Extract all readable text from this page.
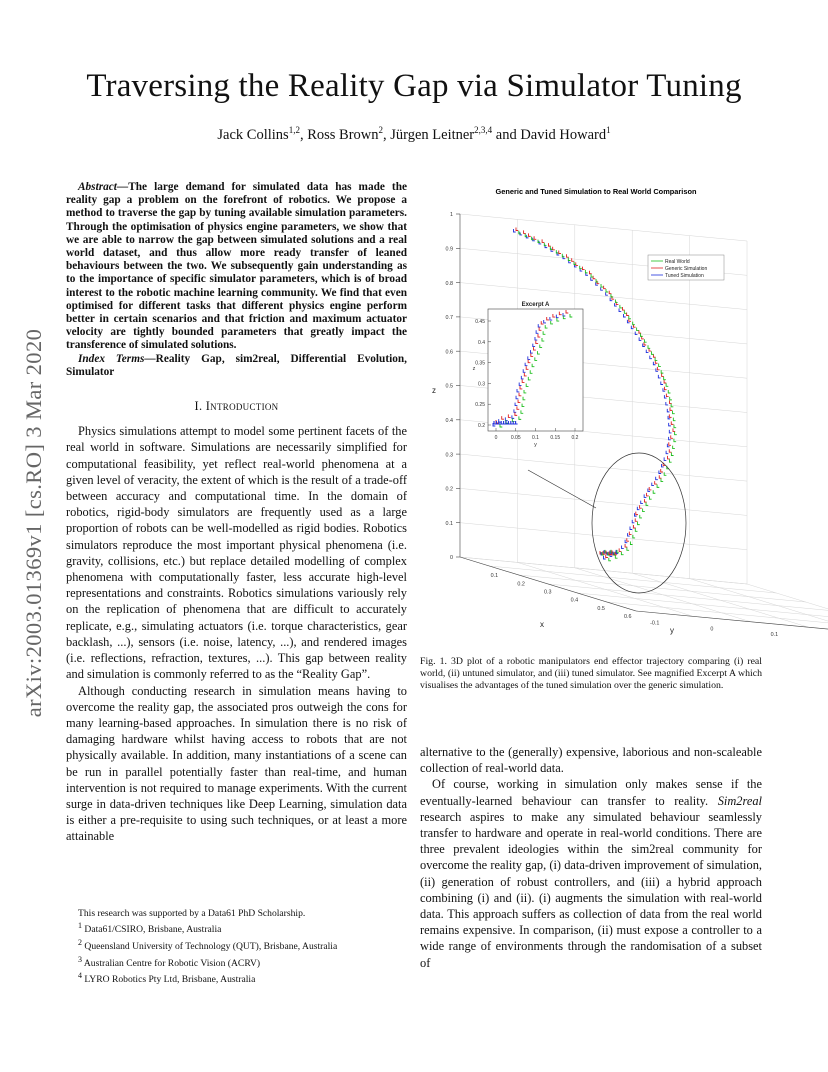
Traversing the Reality Gap via Simulator Tuning
Jack Collins$^{1,2}$, Ross Brown$^2$, Jürgen Leitner$^{2,3,4}$ and David Howard$^1$
arXiv:2003.01369v1 [cs.RO] 3 Mar 2020

Abstract—The large demand for simulated data has made the reality gap a problem on the forefront of robotics. We propose a method to traverse the gap by tuning available simulation parameters. Through the optimisation of physics engine parameters, we show that we are able to narrow the gap between simulated solutions and a real world dataset, and thus allow more ready transfer of leaned behaviours between the two. We subsequently gain understanding as to the importance of specific simulator parameters, which is of broad interest to the robotic machine learning community. We find that even optimised for different tasks that different physics engine perform better in certain scenarios and that friction and maximum actuator velocity are tightly bounded parameters that greatly impact the transference of simulated solutions.

Index Terms—Reality Gap, sim2real, Differential Evolution, Simulator

I. Introduction

Physics simulations attempt to model some pertinent facets of the real world in software. Simulations are necessarily simplified for computational feasibility, yet reflect real-world phenomena at a given level of veracity, the extent of which is the result of a trade-off between accuracy and computational time. In the domain of robotics, rigid-body simulators are frequently used as a large proportion of robots can be well-modelled as rigid bodies. Robotics simulators reproduce the most important physical phenomena (i.e. gravity, collisions, etc.) but replace detailed modelling of complex phenomena with computationally faster, less accurate high-level representations and constraints. Robotics simulations variously rely on the replication of phenomena that are difficult to accurately replicate, e.g., simulating actuators (i.e. torque characteristics, gear backlash, ...), sensors (i.e. noise, latency, ...), and rendered images (i.e. reflections, refraction, textures, ...). This gap between reality and simulation is commonly referred to as the “Reality Gap”.

Although conducting research in simulation means having to overcome the reality gap, the associated pros outweigh the cons for many learning-based approaches. In simulation there is no risk of damaging hardware whilst having access to robots that are not physically available. In addition, many instantiations of a scene can be run in parallel potentially faster than real-time, and human intervention is not required to manage experiments. With the current surge in data-driven techniques like Deep Learning, simulation data is either a pre-requisite to using such techniques, or at least a more attainable

This research was supported by a Data61 PhD Scholarship.
$^1$ Data61/CSIRO, Brisbane, Australia
$^2$ Queensland University of Technology (QUT), Brisbane, Australia
$^3$ Australian Centre for Robotic Vision (ACRV)
$^4$ LYRO Robotics Pty Ltd, Brisbane, Australia
Generic and Tuned Simulation to Real World Comparison
1
0.9
0.8
0.7
0.6
0.5
0.4
0.3
0.2
0.1
0
0.1
0.2
0.3
0.4
0.5
0.6
-0.1
0
0.1
z
x
y
Excerpt A
0.45
0.4
0.35
0.3
0.25
0.2
0	0.05 0.1 0.15 0.2
y
z
Real World
Generic Simulation
Tuned Simulation
Fig. 1. 3D plot of a robotic manipulators end effector trajectory comparing (i) real world, (ii) untuned simulator, and (iii) tuned simulator. See magnified Excerpt A which visualises the advantages of the tuned simulation over the generic simulation.

alternative to the (generally) expensive, laborious and non-scaleable collection of real-world data.

Of course, working in simulation only makes sense if the eventually-learned behaviour can transfer to reality. Sim2real research aspires to make any simulated behaviour seamlessly transfer to hardware and operate in real-world conditions. There are three prevalent ideologies within the sim2real community for overcome the reality gap, (i) data-driven improvement of simulation, (ii) generation of robust controllers, and (iii) a hybrid approach combining (i) and (ii). (i) augments the simulation with real-world data. This approach suffers as collection of data from the real world remains expensive. In comparison, (ii) must expose a controller to a wide range of environments through the randomisation of a subset of
